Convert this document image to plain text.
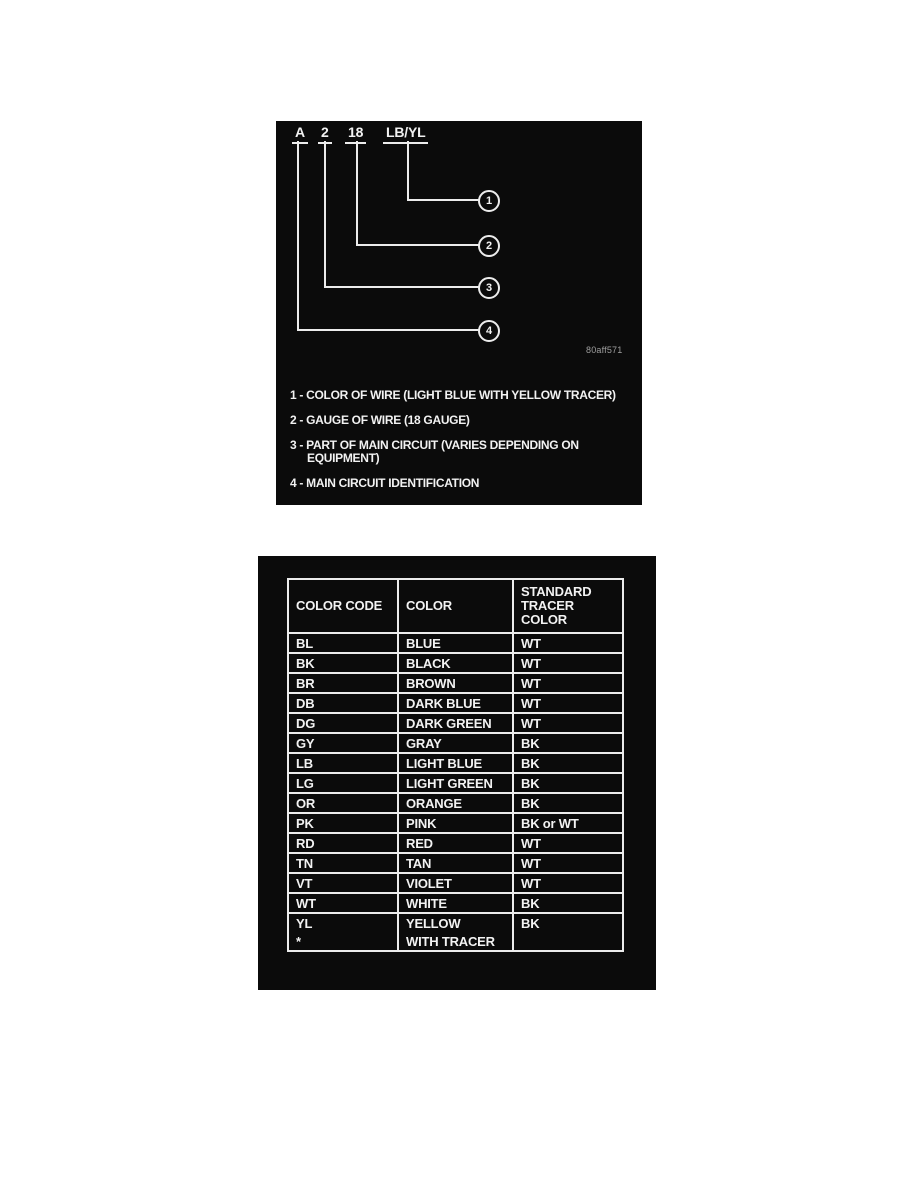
A 2 18 LB/YL
1
2
3
4
80aff571
1 - COLOR OF WIRE (LIGHT BLUE WITH YELLOW TRACER)
2 - GAUGE OF WIRE (18 GAUGE)
3 - PART OF MAIN CIRCUIT (VARIES DEPENDING ON
EQUIPMENT)
4 - MAIN CIRCUIT IDENTIFICATION
COLOR CODE	COLOR	STANDARD TRACER COLOR
BL	BLUE	WT
BK	BLACK	WT
BR	BROWN	WT
DB	DARK BLUE	WT
DG	DARK GREEN	WT
GY	GRAY	BK
LB	LIGHT BLUE	BK
LG	LIGHT GREEN	BK
OR	ORANGE	BK
PK	PINK	BK or WT
RD	RED	WT
TN	TAN	WT
VT	VIOLET	WT
WT	WHITE	BK
YL	YELLOW	BK
*	WITH TRACER	
